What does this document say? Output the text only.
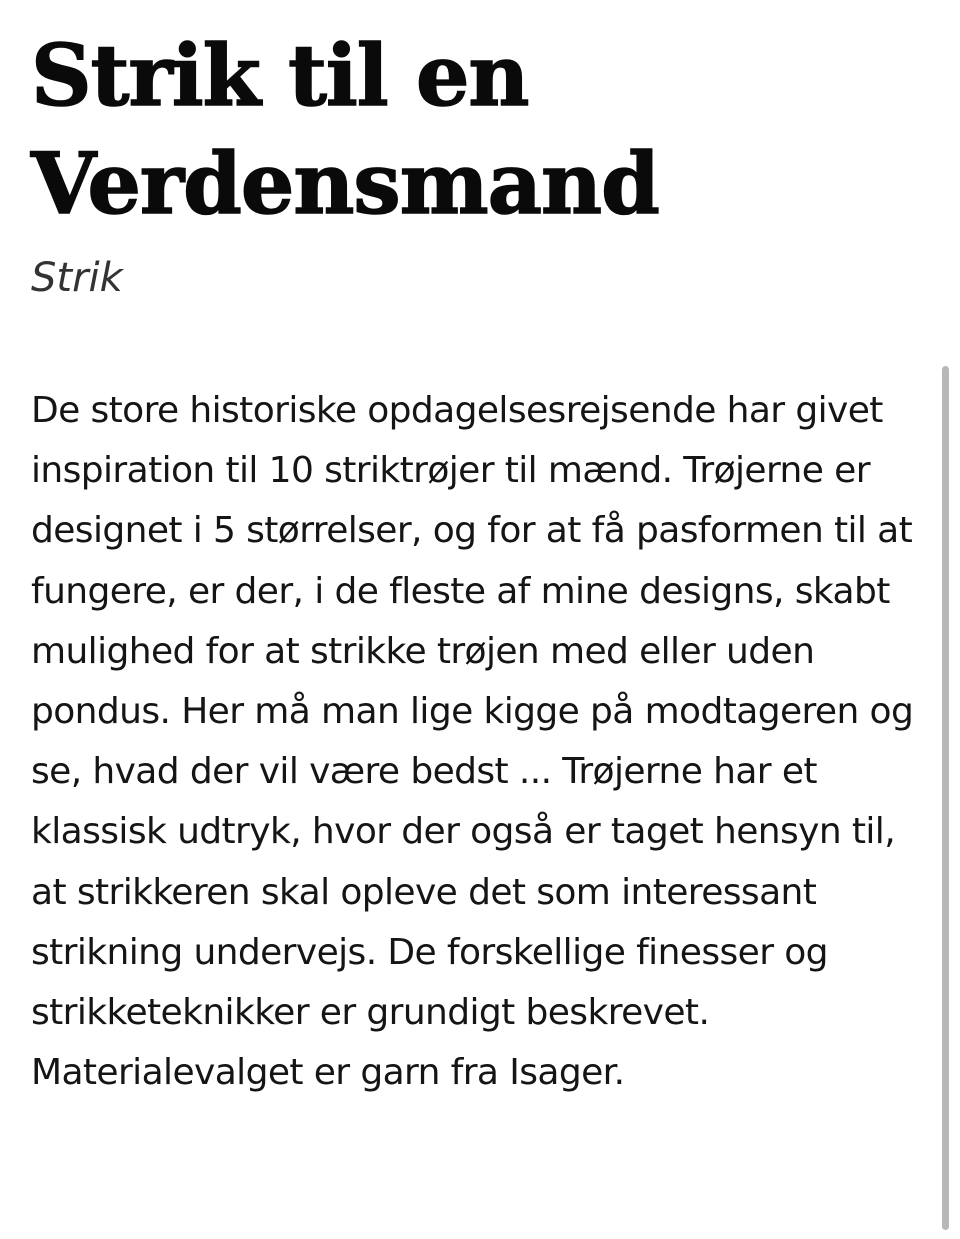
Strik til en Verdensmand

Strik

De store historiske opdagelsesrejsende har givet inspiration til 10 striktrøjer til mænd. Trøjerne er designet i 5 størrelser, og for at få pasformen til at fungere, er der, i de fleste af mine designs, skabt mulighed for at strikke trøjen med eller uden pondus. Her må man lige kigge på modtageren og se, hvad der vil være bedst ... Trøjerne har et klassisk udtryk, hvor der også er taget hensyn til, at strikkeren skal opleve det som interessant strikning undervejs. De forskellige finesser og strikketeknikker er grundigt beskrevet. Materialevalget er garn fra Isager.
